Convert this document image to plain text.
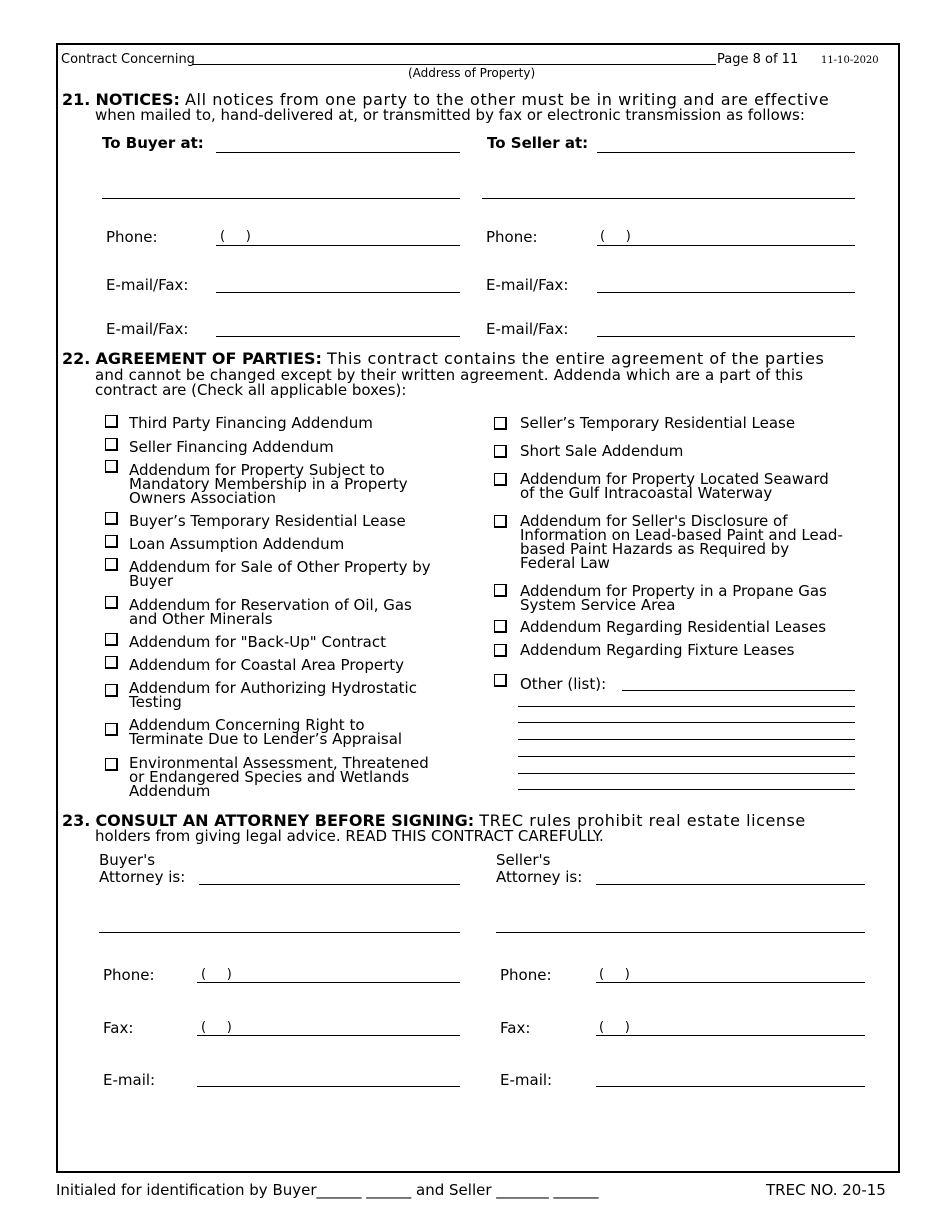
Contract Concerning
(Address of Property)
Page 8 of 11 11-10-2020
21. NOTICES: All notices from one party to the other must be in writing and are effective
when mailed to, hand-delivered at, or transmitted by fax or electronic transmission as follows:
To Buyer at:	To Seller at:
Phone:	(     )	Phone:	(     )
E-mail/Fax:	E-mail/Fax:
E-mail/Fax:	E-mail/Fax:
22. AGREEMENT OF PARTIES: This contract contains the entire agreement of the parties
and cannot be changed except by their written agreement. Addenda which are a part of this
contract are (Check all applicable boxes):
Third Party Financing Addendum
Seller Financing Addendum
Addendum for Property Subject to
Mandatory Membership in a Property
Owners Association
Buyer’s Temporary Residential Lease
Loan Assumption Addendum
Addendum for Sale of Other Property by
Buyer
Addendum for Reservation of Oil, Gas
and Other Minerals
Addendum for "Back-Up" Contract
Addendum for Coastal Area Property
Addendum for Authorizing Hydrostatic
Testing
Addendum Concerning Right to
Terminate Due to Lender’s Appraisal
Environmental Assessment, Threatened
or Endangered Species and Wetlands
Addendum
Seller’s Temporary Residential Lease
Short Sale Addendum
Addendum for Property Located Seaward
of the Gulf Intracoastal Waterway
Addendum for Seller's Disclosure of
Information on Lead-based Paint and Lead-
based Paint Hazards as Required by
Federal Law
Addendum for Property in a Propane Gas
System Service Area
Addendum Regarding Residential Leases
Addendum Regarding Fixture Leases
Other (list):
23. CONSULT AN ATTORNEY BEFORE SIGNING: TREC rules prohibit real estate license
holders from giving legal advice. READ THIS CONTRACT CAREFULLY.
Buyer's
Attorney is:
Seller's
Attorney is:
Phone:	(     )	Phone:	(     )
Fax:	(     )	Fax:	(     )
E-mail:	E-mail:
Initialed for identification by Buyer______ ______ and Seller _______ ______	TREC NO. 20-15
